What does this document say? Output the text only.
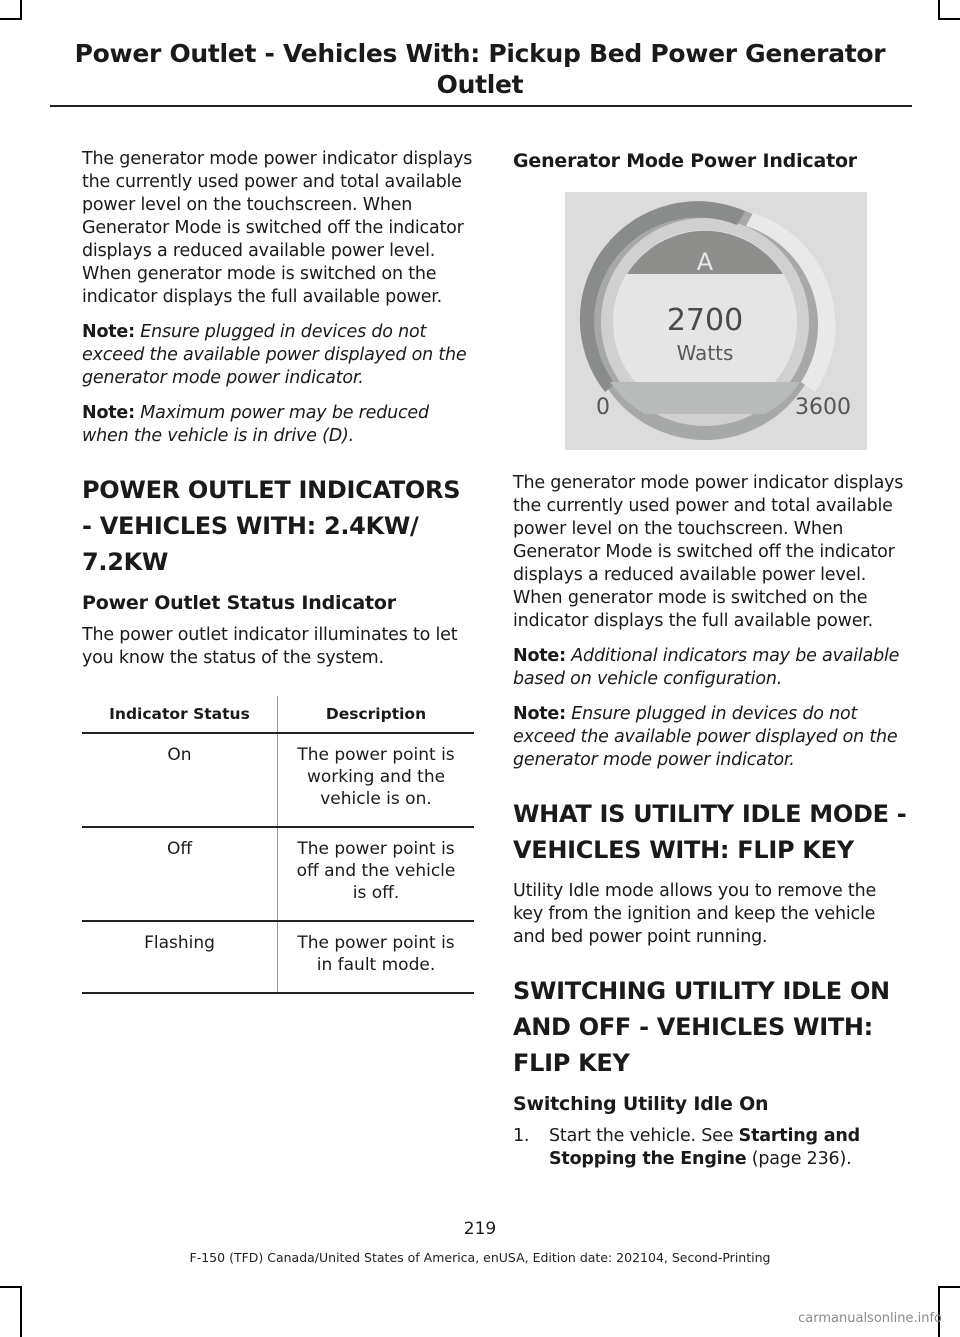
Power Outlet - Vehicles With: Pickup Bed Power Generator Outlet

The generator mode power indicator displays the currently used power and total available power level on the touchscreen. When Generator Mode is switched off the indicator displays a reduced available power level. When generator mode is switched on the indicator displays the full available power.

Note: Ensure plugged in devices do not exceed the available power displayed on the generator mode power indicator.

Note: Maximum power may be reduced when the vehicle is in drive (D).

POWER OUTLET INDICATORS - VEHICLES WITH: 2.4KW/ 7.2KW
Power Outlet Status Indicator

The power outlet indicator illuminates to let you know the status of the system.

Indicator Status	Description
On	The power point is working and the vehicle is on.
Off	The power point is off and the vehicle is off.
Flashing	The power point is in fault mode.
Generator Mode Power Indicator
A
2700
Watts
0	3600

The generator mode power indicator displays the currently used power and total available power level on the touchscreen. When Generator Mode is switched off the indicator displays a reduced available power level. When generator mode is switched on the indicator displays the full available power.

Note: Additional indicators may be available based on vehicle configuration.

Note: Ensure plugged in devices do not exceed the available power displayed on the generator mode power indicator.

WHAT IS UTILITY IDLE MODE - VEHICLES WITH: FLIP KEY

Utility Idle mode allows you to remove the key from the ignition and keep the vehicle and bed power point running.

SWITCHING UTILITY IDLE ON AND OFF - VEHICLES WITH: FLIP KEY
Switching Utility Idle On
1. Start the vehicle. See Starting and Stopping the Engine (page 236).
219
F-150 (TFD) Canada/United States of America, enUSA, Edition date: 202104, Second-Printing
carmanualsonline.info
